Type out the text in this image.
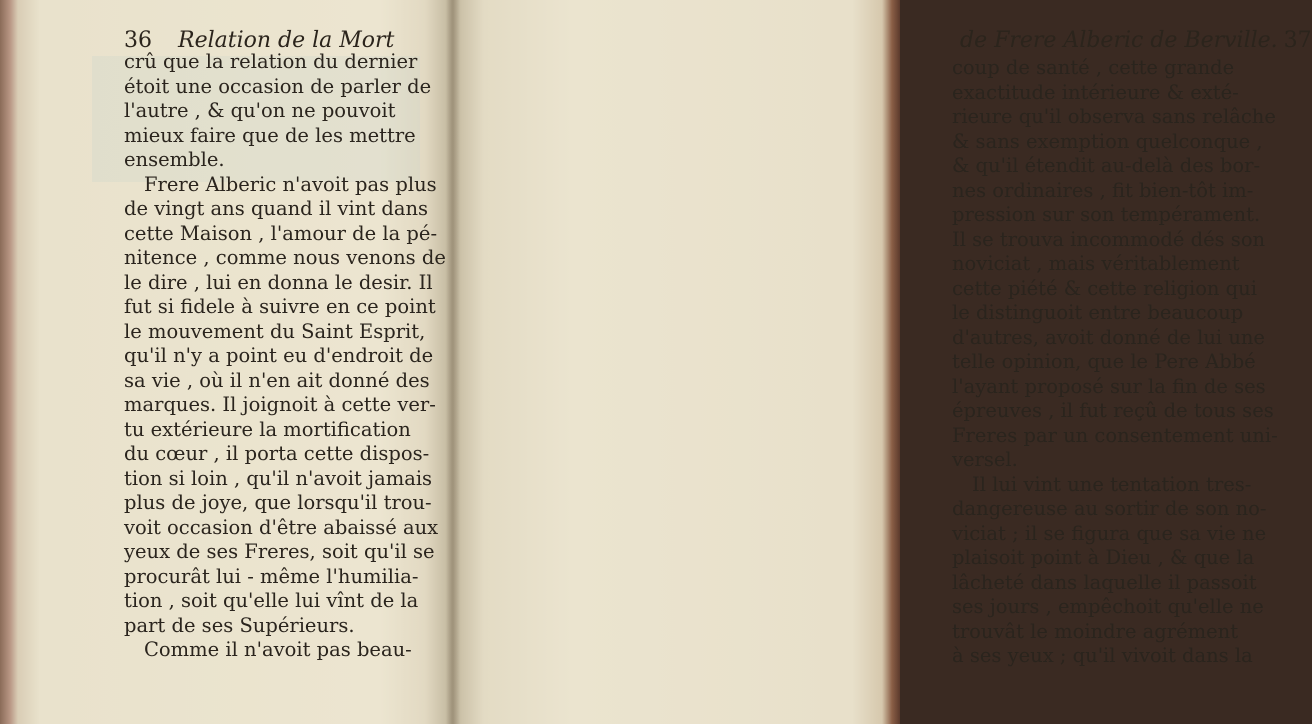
36 Relation de la Mort
crû que la relation du dernier
étoit une occasion de parler de
l'autre , & qu'on ne pouvoit
mieux faire que de les mettre
ensemble.
Frere Alberic n'avoit pas plus
de vingt ans quand il vint dans
cette Maison , l'amour de la pé-
nitence , comme nous venons de
le dire , lui en donna le desir. Il
fut si fidele à suivre en ce point
le mouvement du Saint Esprit,
qu'il n'y a point eu d'endroit de
sa vie , où il n'en ait donné des
marques. Il joignoit à cette ver-
tu extérieure la mortification
du cœur , il porta cette dispos-
tion si loin , qu'il n'avoit jamais
plus de joye, que lorsqu'il trou-
voit occasion d'être abaissé aux
yeux de ses Freres, soit qu'il se
procurât lui - même l'humilia-
tion , soit qu'elle lui vînt de la
part de ses Supérieurs.
Comme il n'avoit pas beau-
de Frere Alberic de Berville. 37
coup de santé , cette grande
exactitude intérieure & exté-
rieure qu'il observa sans relâche
& sans exemption quelconque ,
& qu'il étendit au-delà des bor-
nes ordinaires , fit bien-tôt im-
pression sur son tempérament.
Il se trouva incommodé dés son
noviciat , mais véritablement
cette piété & cette religion qui
le distinguoit entre beaucoup
d'autres, avoit donné de lui une
telle opinion, que le Pere Abbé
l'ayant proposé sur la fin de ses
épreuves , il fut reçû de tous ses
Freres par un consentement uni-
versel.
Il lui vint une tentation tres-
dangereuse au sortir de son no-
viciat ; il se figura que sa vie ne
plaisoit point à Dieu , & que la
lâcheté dans laquelle il passoit
ses jours , empêchoit qu'elle ne
trouvât le moindre agrément
à ses yeux ; qu'il vivoit dans la
